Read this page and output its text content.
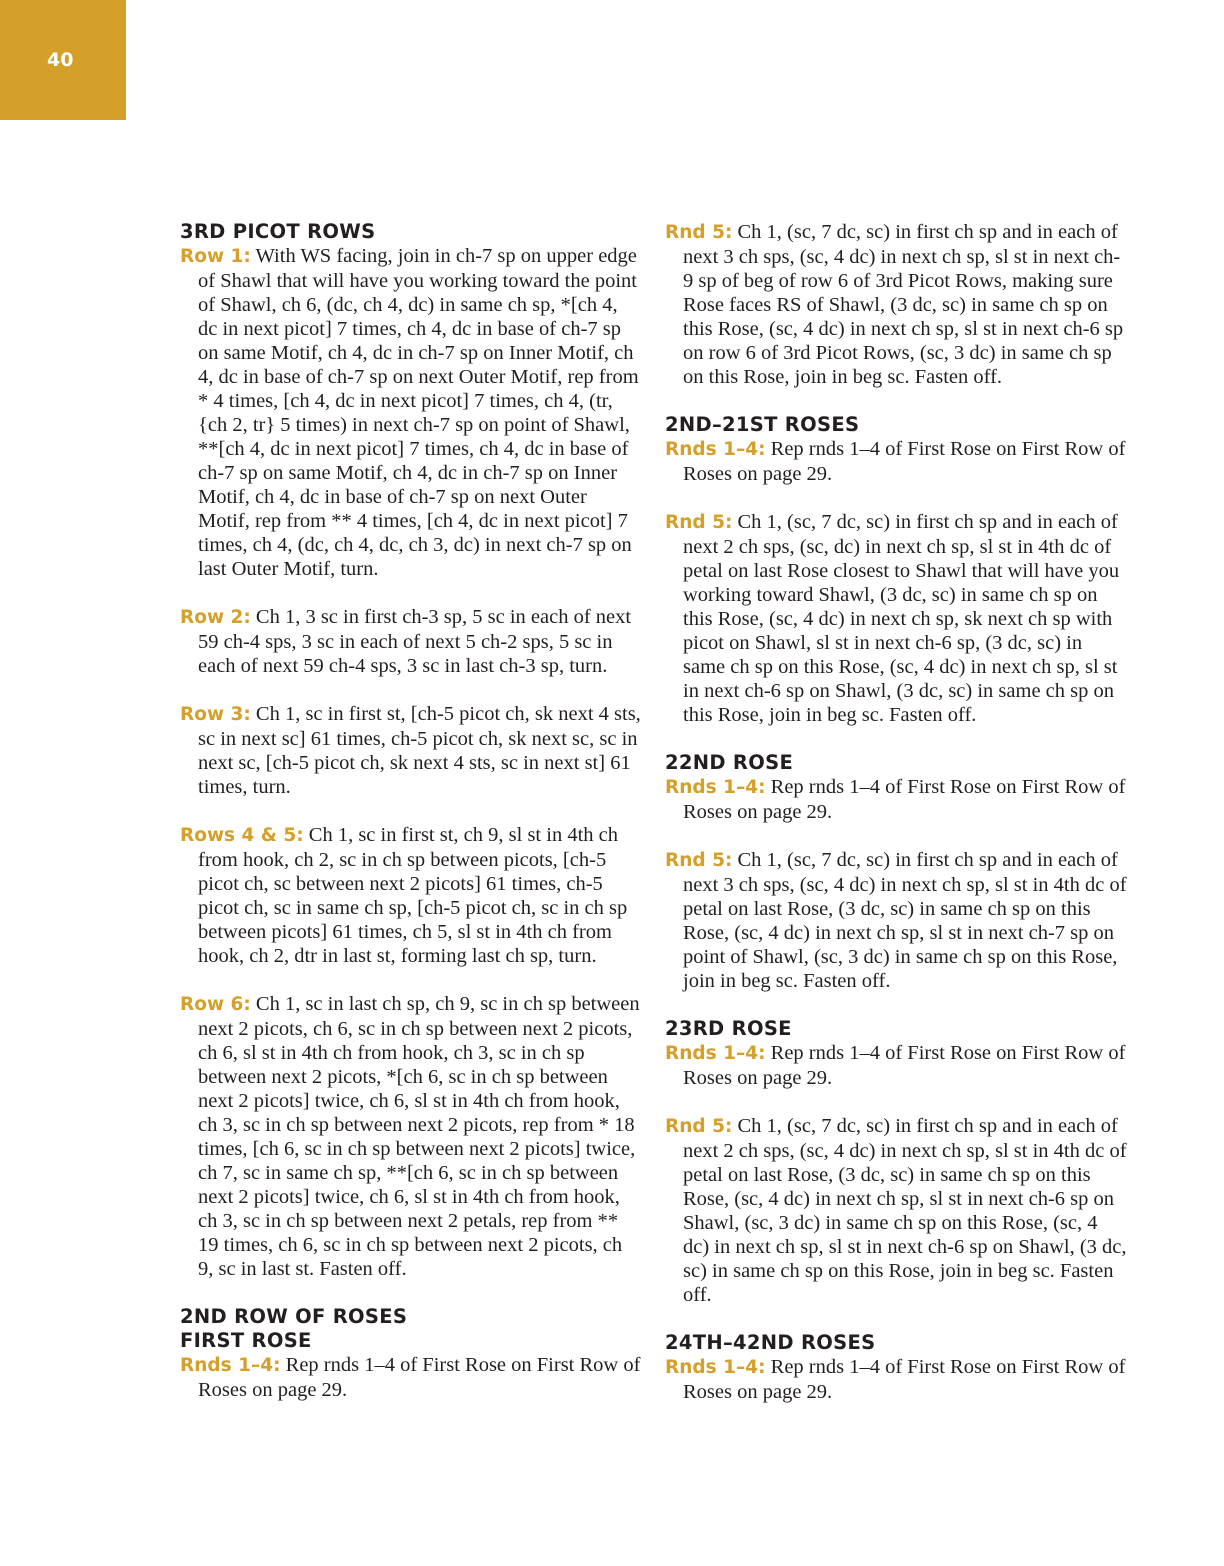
40
3RD PICOT ROWS

Row 1: With WS facing, join in ch-7 sp on upper edge of Shawl that will have you working toward the point of Shawl, ch 6, (dc, ch 4, dc) in same ch sp, *[ch 4, dc in next picot] 7 times, ch 4, dc in base of ch-7 sp on same Motif, ch 4, dc in ch-7 sp on Inner Motif, ch 4, dc in base of ch-7 sp on next Outer Motif, rep from * 4 times, [ch 4, dc in next picot] 7 times, ch 4, (tr, {ch 2, tr} 5 times) in next ch-7 sp on point of Shawl, **[ch 4, dc in next picot] 7 times, ch 4, dc in base of ch-7 sp on same Motif, ch 4, dc in ch-7 sp on Inner Motif, ch 4, dc in base of ch-7 sp on next Outer Motif, rep from ** 4 times, [ch 4, dc in next picot] 7 times, ch 4, (dc, ch 4, dc, ch 3, dc) in next ch-7 sp on last Outer Motif, turn.

Row 2: Ch 1, 3 sc in first ch-3 sp, 5 sc in each of next 59 ch-4 sps, 3 sc in each of next 5 ch-2 sps, 5 sc in each of next 59 ch-4 sps, 3 sc in last ch-3 sp, turn.

Row 3: Ch 1, sc in first st, [ch-5 picot ch, sk next 4 sts, sc in next sc] 61 times, ch-5 picot ch, sk next sc, sc in next sc, [ch-5 picot ch, sk next 4 sts, sc in next st] 61 times, turn.

Rows 4 & 5: Ch 1, sc in first st, ch 9, sl st in 4th ch from hook, ch 2, sc in ch sp between picots, [ch-5 picot ch, sc between next 2 picots] 61 times, ch-5 picot ch, sc in same ch sp, [ch-5 picot ch, sc in ch sp between picots] 61 times, ch 5, sl st in 4th ch from hook, ch 2, dtr in last st, forming last ch sp, turn.

Row 6: Ch 1, sc in last ch sp, ch 9, sc in ch sp between next 2 picots, ch 6, sc in ch sp between next 2 picots, ch 6, sl st in 4th ch from hook, ch 3, sc in ch sp between next 2 picots, *[ch 6, sc in ch sp between next 2 picots] twice, ch 6, sl st in 4th ch from hook, ch 3, sc in ch sp between next 2 picots, rep from * 18 times, [ch 6, sc in ch sp between next 2 picots] twice, ch 7, sc in same ch sp, **[ch 6, sc in ch sp between next 2 picots] twice, ch 6, sl st in 4th ch from hook, ch 3, sc in ch sp between next 2 petals, rep from ** 19 times, ch 6, sc in ch sp between next 2 picots, ch 9, sc in last st. Fasten off.

2ND ROW OF ROSES
FIRST ROSE

Rnds 1–4: Rep rnds 1–4 of First Rose on First Row of Roses on page 29.

Rnd 5: Ch 1, (sc, 7 dc, sc) in first ch sp and in each of next 3 ch sps, (sc, 4 dc) in next ch sp, sl st in next ch-9 sp of beg of row 6 of 3rd Picot Rows, making sure Rose faces RS of Shawl, (3 dc, sc) in same ch sp on this Rose, (sc, 4 dc) in next ch sp, sl st in next ch-6 sp on row 6 of 3rd Picot Rows, (sc, 3 dc) in same ch sp on this Rose, join in beg sc. Fasten off.

2ND–21ST ROSES

Rnds 1–4: Rep rnds 1–4 of First Rose on First Row of Roses on page 29.

Rnd 5: Ch 1, (sc, 7 dc, sc) in first ch sp and in each of next 2 ch sps, (sc, dc) in next ch sp, sl st in 4th dc of petal on last Rose closest to Shawl that will have you working toward Shawl, (3 dc, sc) in same ch sp on this Rose, (sc, 4 dc) in next ch sp, sk next ch sp with picot on Shawl, sl st in next ch-6 sp, (3 dc, sc) in same ch sp on this Rose, (sc, 4 dc) in next ch sp, sl st in next ch-6 sp on Shawl, (3 dc, sc) in same ch sp on this Rose, join in beg sc. Fasten off.

22ND ROSE

Rnds 1–4: Rep rnds 1–4 of First Rose on First Row of Roses on page 29.

Rnd 5: Ch 1, (sc, 7 dc, sc) in first ch sp and in each of next 3 ch sps, (sc, 4 dc) in next ch sp, sl st in 4th dc of petal on last Rose, (3 dc, sc) in same ch sp on this Rose, (sc, 4 dc) in next ch sp, sl st in next ch-7 sp on point of Shawl, (sc, 3 dc) in same ch sp on this Rose, join in beg sc. Fasten off.

23RD ROSE

Rnds 1–4: Rep rnds 1–4 of First Rose on First Row of Roses on page 29.

Rnd 5: Ch 1, (sc, 7 dc, sc) in first ch sp and in each of next 2 ch sps, (sc, 4 dc) in next ch sp, sl st in 4th dc of petal on last Rose, (3 dc, sc) in same ch sp on this Rose, (sc, 4 dc) in next ch sp, sl st in next ch-6 sp on Shawl, (sc, 3 dc) in same ch sp on this Rose, (sc, 4 dc) in next ch sp, sl st in next ch-6 sp on Shawl, (3 dc, sc) in same ch sp on this Rose, join in beg sc. Fasten off.

24TH–42ND ROSES

Rnds 1–4: Rep rnds 1–4 of First Rose on First Row of Roses on page 29.
